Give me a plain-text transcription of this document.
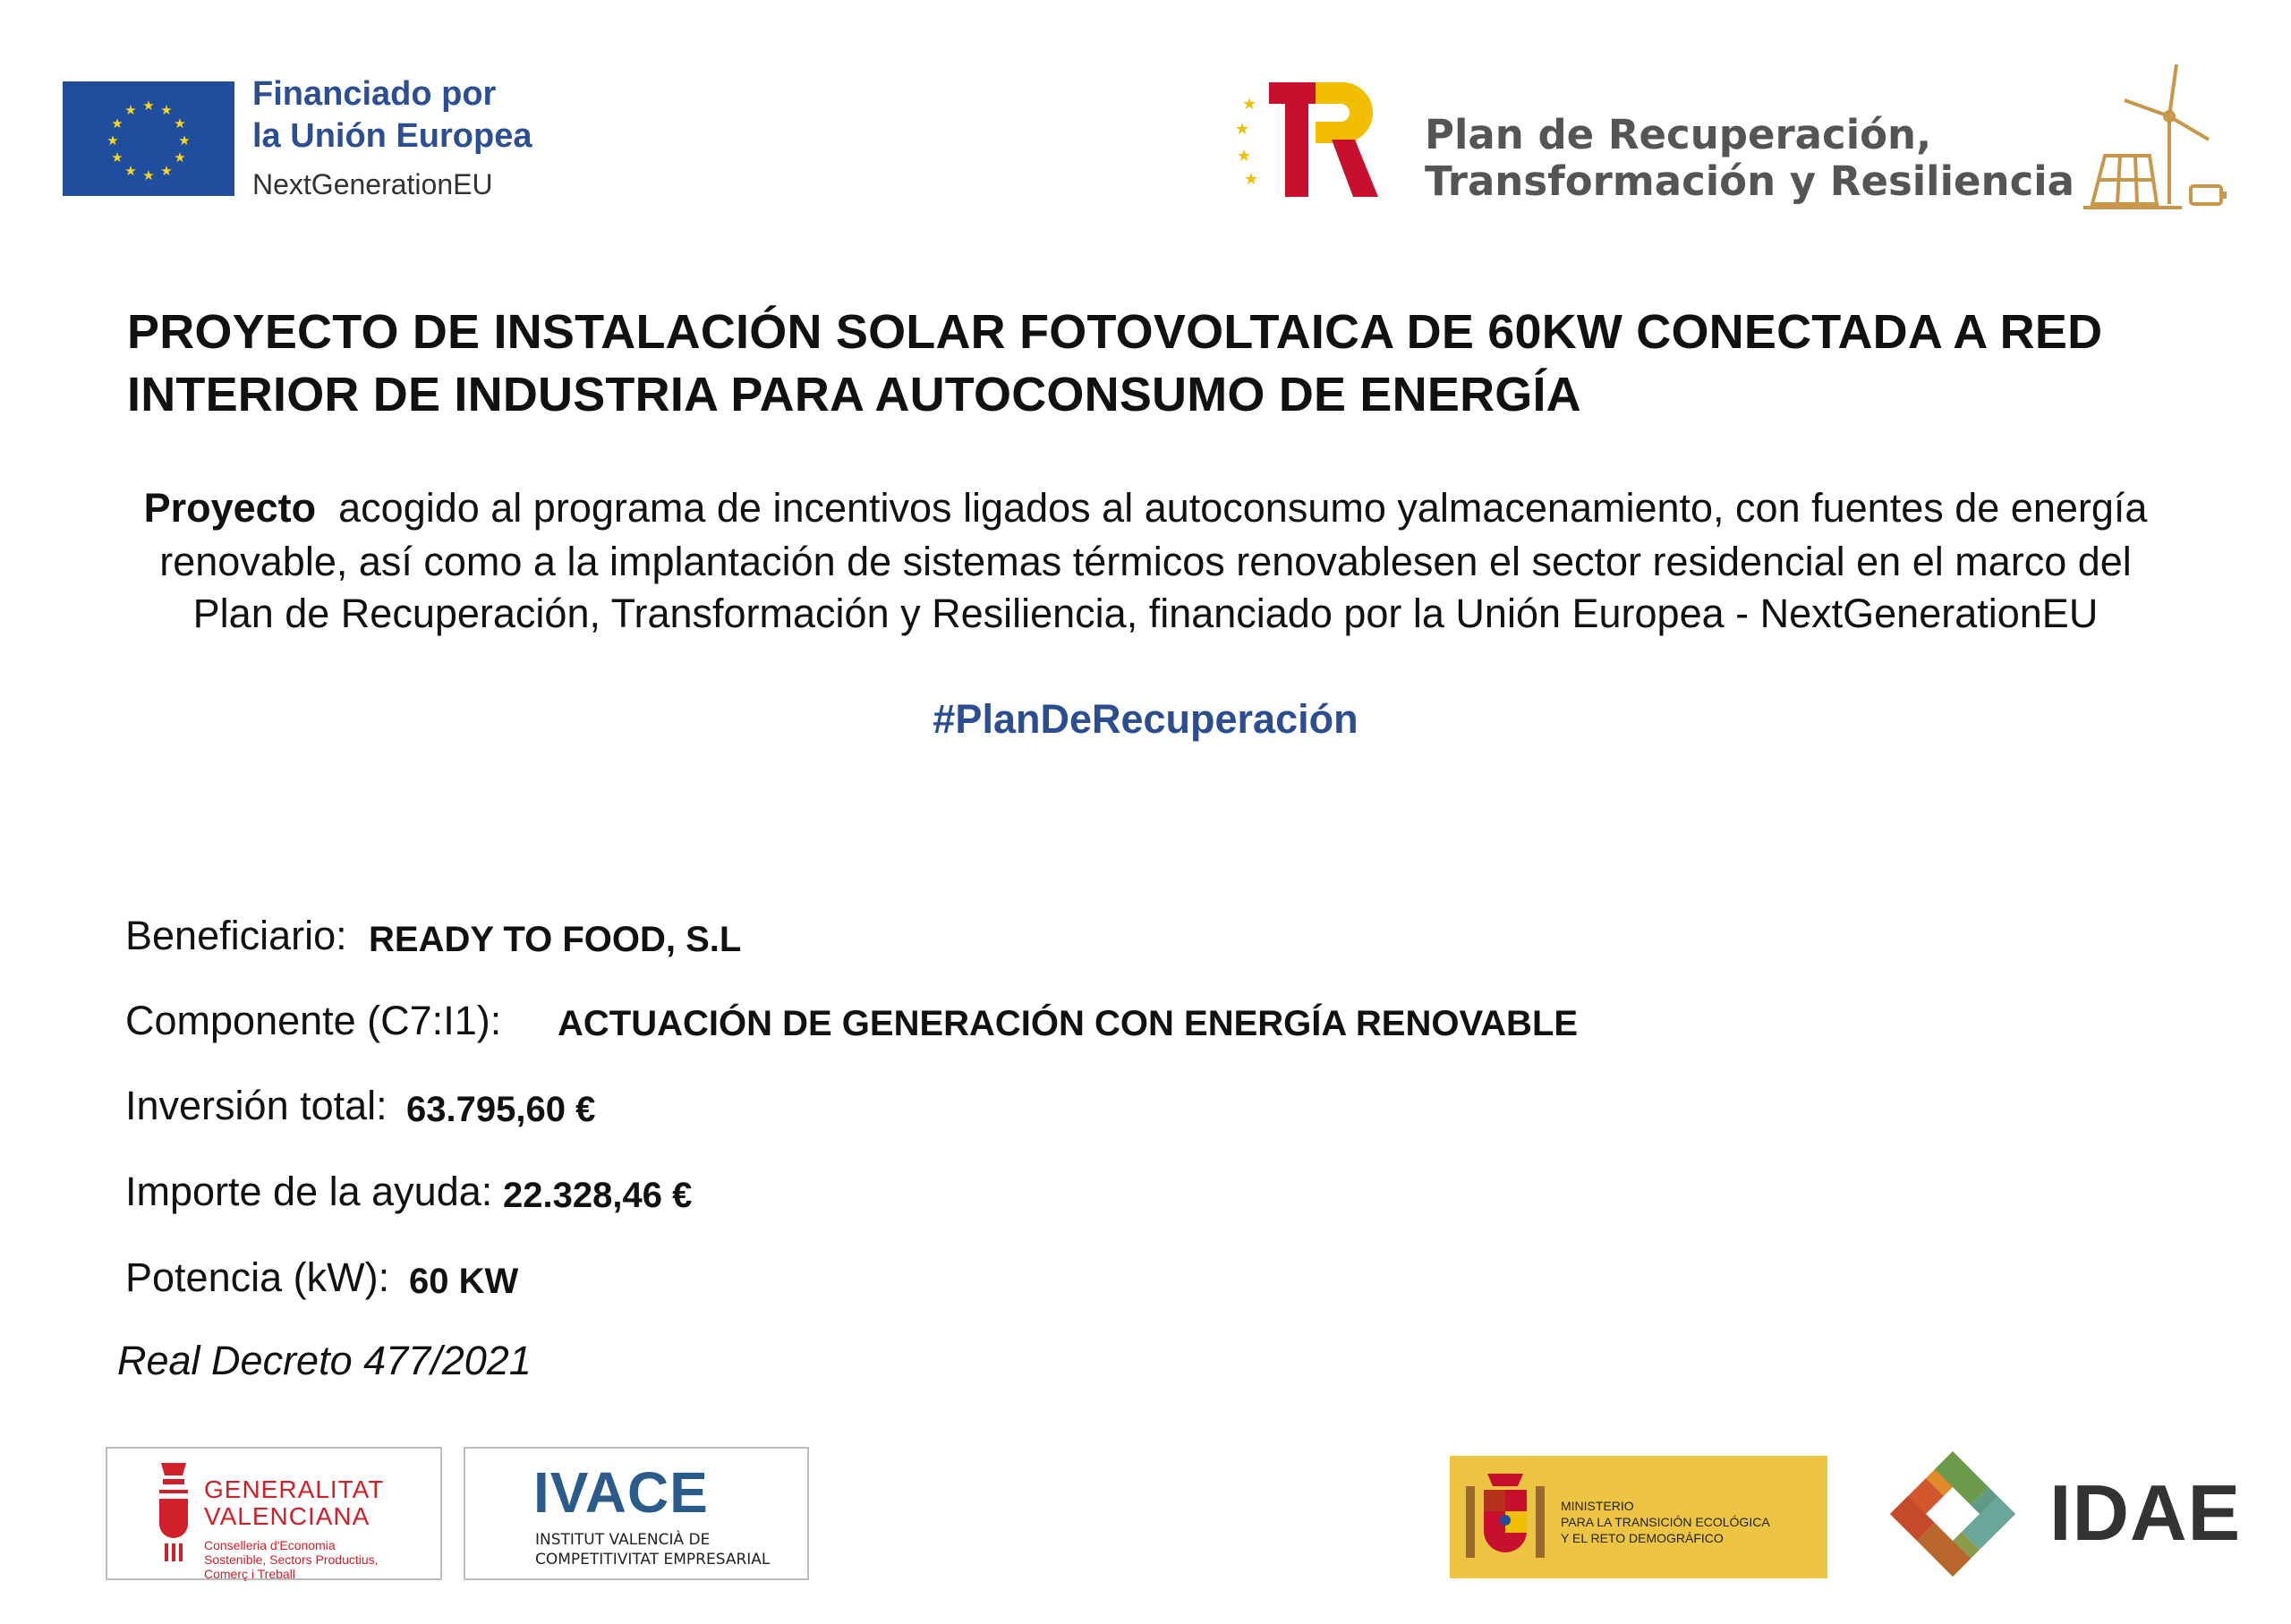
★ ★
★
★
★
★
★
★
★
★
★
★	Financiado por
la Unión Europea
NextGenerationEU
★
★
★
★
Plan de Recuperación,
Transformación y Resiliencia
PROYECTO DE INSTALACIÓN SOLAR FOTOVOLTAICA DE 60KW CONECTADA A RED
INTERIOR DE INDUSTRIA PARA AUTOCONSUMO DE ENERGÍA
Proyecto  acogido al programa de incentivos ligados al autoconsumo yalmacenamiento, con fuentes de energía
renovable, así como a la implantación de sistemas térmicos renovablesen el sector residencial en el marco del
Plan de Recuperación, Transformación y Resiliencia, financiado por la Unión Europea - NextGenerationEU
#PlanDeRecuperación
Beneficiario: READY TO FOOD, S.L
Componente (C7:I1): ACTUACIÓN DE GENERACIÓN CON ENERGÍA RENOVABLE
Inversión total: 63.795,60 €
Importe de la ayuda: 22.328,46 €
Potencia (kW): 60 KW
Real Decreto 477/2021
GENERALITAT
VALENCIANA
Conselleria d'Economia
Sostenible, Sectors Productius,
Comerç i Treball
IVACE
INSTITUT VALENCIÀ DE
COMPETITIVITAT EMPRESARIAL
MINISTERIO
PARA LA TRANSICIÓN ECOLÓGICA
Y EL RETO DEMOGRÁFICO	IDAE
